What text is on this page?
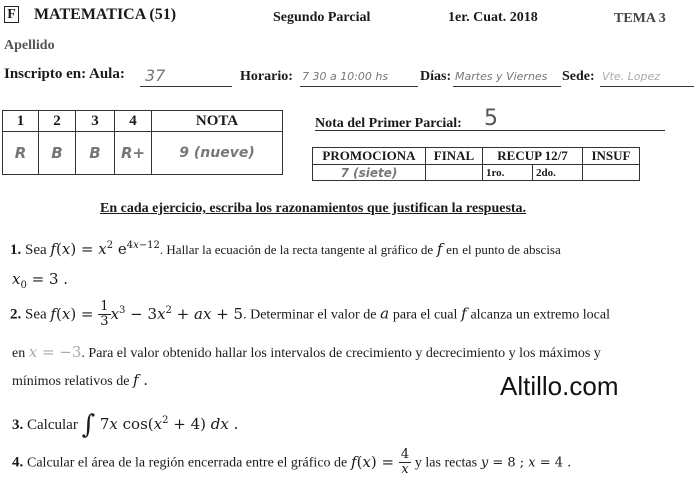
F MATEMATICA (51)	Segundo Parcial	1er. Cuat. 2018	TEMA 3
Apellido
Inscripto en: Aula: 37	Horario: 7 30 a 10:00 hs Días: Martes y Viernes Sede: Vte. Lopez
1	2	3	4	NOTA
R	B	B	R+	9 (nueve)
Nota del Primer Parcial: 5
PROMOCIONA	FINAL	RECUP 12/7		INSUF
7 (siete)		1ro.	2do.	
En cada ejercicio, escriba los razonamientos que justifican la respuesta.
1. Sea $f(x) = x^2$ $e^{4x-12}$. Hallar la ecuación de la recta tangente al gráfico de f en el punto de abscisa
$x_0 = 3$ .
2. Sea $f(x) = \frac{1}{3} x^3 - 3x^2$ + ax + 5. Determinar el valor de a para el cual f alcanza un extremo local
en x = −3. Para el valor obtenido hallar los intervalos de crecimiento y decrecimiento y los máximos y
mínimos relativos de f .	Altillo.com
3. Calcular ∫ 7x $\cos(x^2 + 4)$ dx .
4. Calcular el área de la región encerrada entre el gráfico de $f(x) = \frac{4}{x}$ y las rectas y = 8 ; x = 4 .
